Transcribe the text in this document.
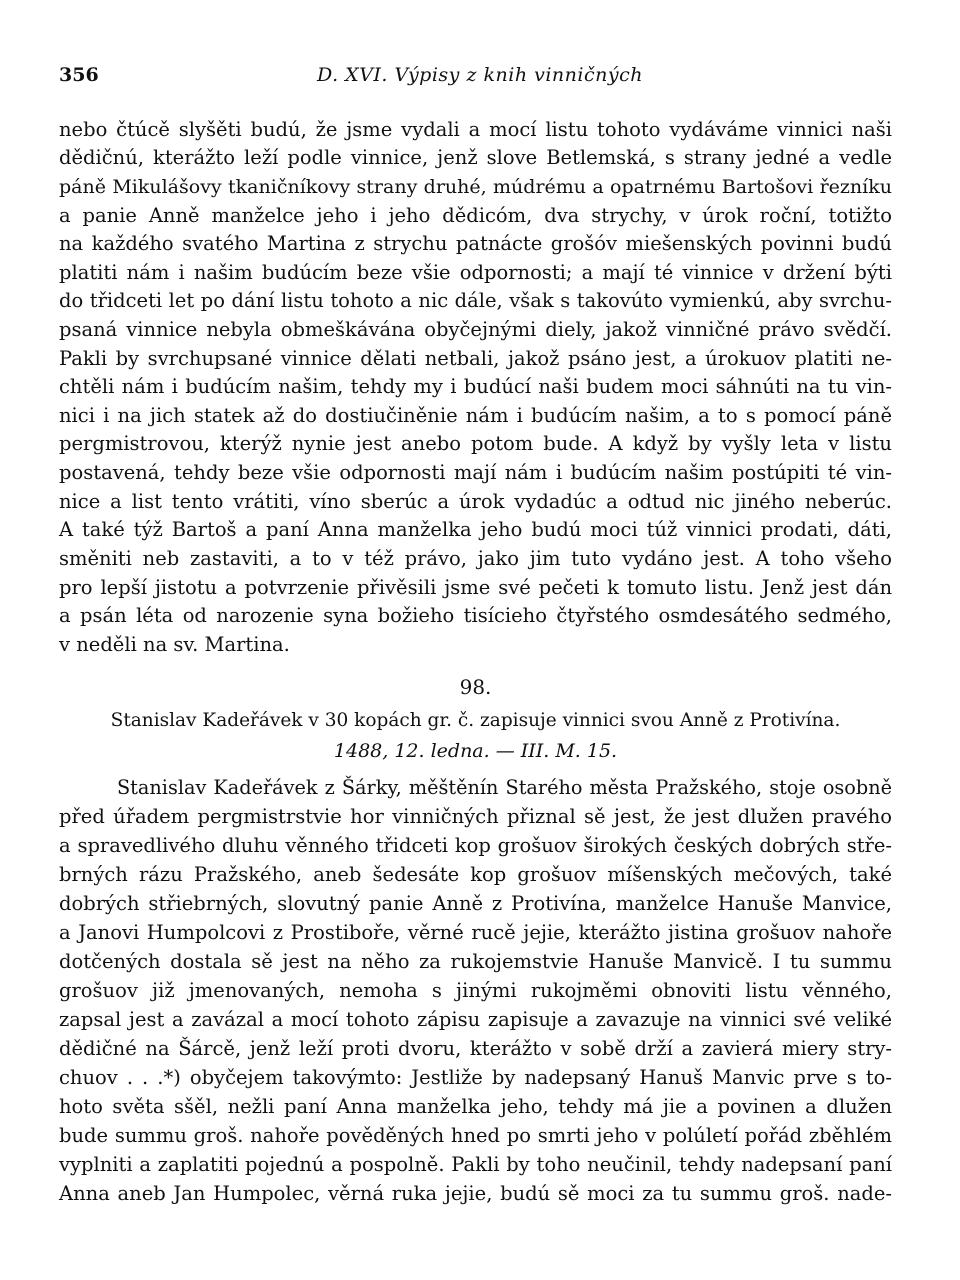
356	D. XVI. Výpisy z knih vinničných
nebo čtúcě slyšěti budú, že jsme vydali a mocí listu tohoto vydáváme vinnici naši
dědičnú, kterážto leží podle vinnice, jenž slove Betlemská, s strany jedné a vedle
páně Mikulášovy tkaničníkovy strany druhé, múdrému a opatrnému Bartošovi řezníku
a panie Anně manželce jeho i jeho dědicóm, dva strychy, v úrok roční, totižto
na každého svatého Martina z strychu patnácte grošóv miešenských povinni budú
platiti nám i našim budúcím beze všie odpornosti; a mají té vinnice v držení býti
do třidceti let po dání listu tohoto a nic dále, však s takovúto vymienkú, aby svrchu-
psaná vinnice nebyla obmeškávána obyčejnými diely, jakož vinničné právo svědčí.
Pakli by svrchupsané vinnice dělati netbali, jakož psáno jest, a úrokuov platiti ne-
chtěli nám i budúcím našim, tehdy my i budúcí naši budem moci sáhnúti na tu vin-
nici i na jich statek až do dostiučiněnie nám i budúcím našim, a to s pomocí páně
pergmistrovou, kterýž nynie jest anebo potom bude. A když by vyšly leta v listu
postavená, tehdy beze všie odpornosti mají nám i budúcím našim postúpiti té vin-
nice a list tento vrátiti, víno sberúc a úrok vydadúc a odtud nic jiného neberúc.
A také týž Bartoš a paní Anna manželka jeho budú moci túž vinnici prodati, dáti,
směniti neb zastaviti, a to v též právo, jako jim tuto vydáno jest. A toho všeho
pro lepší jistotu a potvrzenie přivěsili jsme své pečeti k tomuto listu. Jenž jest dán
a psán léta od narozenie syna božieho tisícieho čtyřstého osmdesátého sedmého,
v neděli na sv. Martina.
98.
Stanislav Kadeřávek v 30 kopách gr. č. zapisuje vinnici svou Anně z Protivína.
1488, 12. ledna. — III. M. 15.
Stanislav Kadeřávek z Šárky, měštěnín Starého města Pražského, stoje osobně
před úřadem pergmistrstvie hor vinničných přiznal sě jest, že jest dlužen pravého
a spravedlivého dluhu věnného třidceti kop grošuov širokých českých dobrých stře-
brných rázu Pražského, aneb šedesáte kop grošuov míšenských mečových, také
dobrých střiebrných, slovutný panie Anně z Protivína, manželce Hanuše Manvice,
a Janovi Humpolcovi z Prostiboře, věrné rucě jejie, kterážto jistina grošuov nahoře
dotčených dostala sě jest na něho za rukojemstvie Hanuše Manvicě. I tu summu
grošuov již jmenovaných, nemoha s jinými rukojměmi obnoviti listu věnného,
zapsal jest a zavázal a mocí tohoto zápisu zapisuje a zavazuje na vinnici své veliké
dědičné na Šárcě, jenž leží proti dvoru, kterážto v sobě drží a zavierá miery stry-
chuov . . .*) obyčejem takovýmto: Jestliže by nadepsaný Hanuš Manvic prve s to-
hoto světa sšěl, nežli paní Anna manželka jeho, tehdy má jie a povinen a dlužen
bude summu groš. nahoře pověděných hned po smrti jeho v polúletí pořád zběhlém
vyplniti a zaplatiti pojednú a pospolně. Pakli by toho neučinil, tehdy nadepsaní paní
Anna aneb Jan Humpolec, věrná ruka jejie, budú sě moci za tu summu groš. nade-
